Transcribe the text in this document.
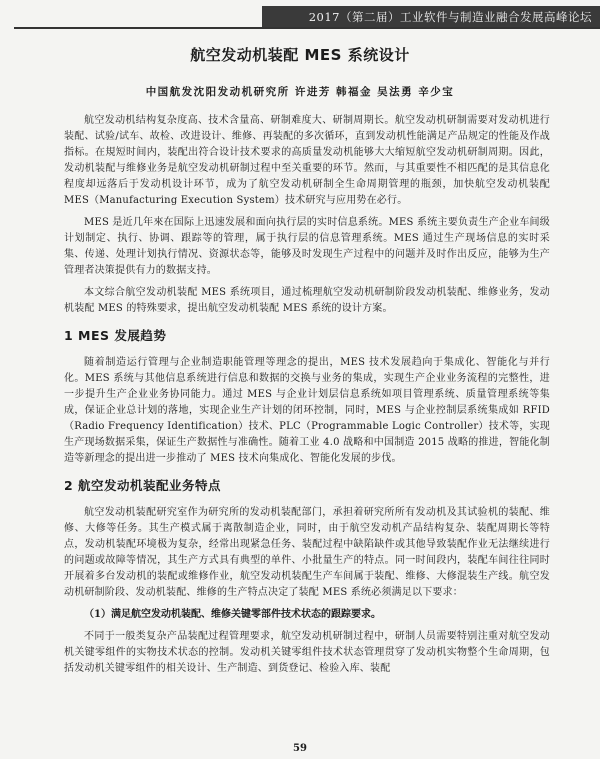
2017（第二届）工业软件与制造业融合发展高峰论坛
航空发动机装配 MES 系统设计
中国航发沈阳发动机研究所 许进芳 韩福金 吴法勇 辛少宝

航空发动机结构复杂度高、技术含量高、研制难度大、研制周期长。航空发动机研制需要对发动机进行装配、试验/试车、故检、改进设计、维修、再装配的多次循环，直到发动机性能满足产品规定的性能及作战指标。在規短时间内，装配出符合设计技术要求的高质量发动机能够大大缩短航空发动机研制周期。因此，发动机装配与维修业务是航空发动机研制过程中至关重要的环节。然而，与其重要性不相匹配的是其信息化程度却远落后于发动机设计环节，成为了航空发动机研制全生命周期管理的瓶颈，加快航空发动机装配 MES（Manufacturing Execution System）技术研究与应用势在必行。

MES 是近几年來在国际上迅速发展和面向执行层的实时信息系统。MES 系统主要负责生产企业车间级计划制定、执行、协调、跟踪等的管理，属于执行层的信息管理系统。MES 通过生产现场信息的实时采集、传递、处理计划执行情况、资源状态等，能够及时发现生产过程中的问题并及时作出反应，能够为生产管理者决策提供有力的数据支持。

本文综合航空发动机装配 MES 系统项目，通过梳理航空发动机研制阶段发动机装配、维修业务，发动机装配 MES 的特殊要求，提出航空发动机装配 MES 系统的设计方案。

1 MES 发展趋势

随着制造运行管理与企业制造职能管理等理念的提出，MES 技术发展趋向于集成化、智能化与并行化。MES 系统与其他信息系统进行信息和数据的交换与业务的集成，实现生产企业业务流程的完整性，进一步提升生产企业业务协同能力。通过 MES 与企业计划层信息系统如项目管理系统、质量管理系统等集成，保证企业总计划的落地，实现企业生产计划的闭环控制，同时，MES 与企业控制层系统集成如 RFID（Radio Frequency Identification）技术、PLC（Programmable Logic Controller）技术等，实现生产现场数据采集，保证生产数据性与准确性。随着工业 4.0 战略和中国制造 2015 战略的推进，智能化制造等新理念的提出进一步推动了 MES 技术向集成化、智能化发展的步伐。

2 航空发动机装配业务特点

航空发动机装配研究室作为研究所的发动机装配部门，承担着研究所所有发动机及其试验机的装配、维修、大修等任务。其生产模式属于离散制造企业，同时，由于航空发动机产品结构复杂、装配周期长等特点，发动机装配环境极为复杂，经常出现紧急任务、装配过程中缺陷缺件或其他导致装配作业无法继续进行的问题或故障等情况，其生产方式具有典型的单件、小批量生产的特点。同一时间段内，装配车间往往同时开展着多台发动机的装配或维修作业，航空发动机装配生产车间属于装配、维修、大修混装生产线。航空发动机研制阶段、发动机装配、维修的生产特点决定了装配 MES 系统必须满足以下要求：

（1）满足航空发动机装配、维修关键零部件技术状态的跟踪要求。

不同于一般类复杂产品装配过程管理要求，航空发动机研制过程中，研制人员需要特别注重对航空发动机关键零组件的实物技术状态的控制。发动机关键零组件技术状态管理贯穿了发动机实物整个生命周期，包括发动机关键零组件的相关设计、生产制造、到货登记、检验入库、装配

59
